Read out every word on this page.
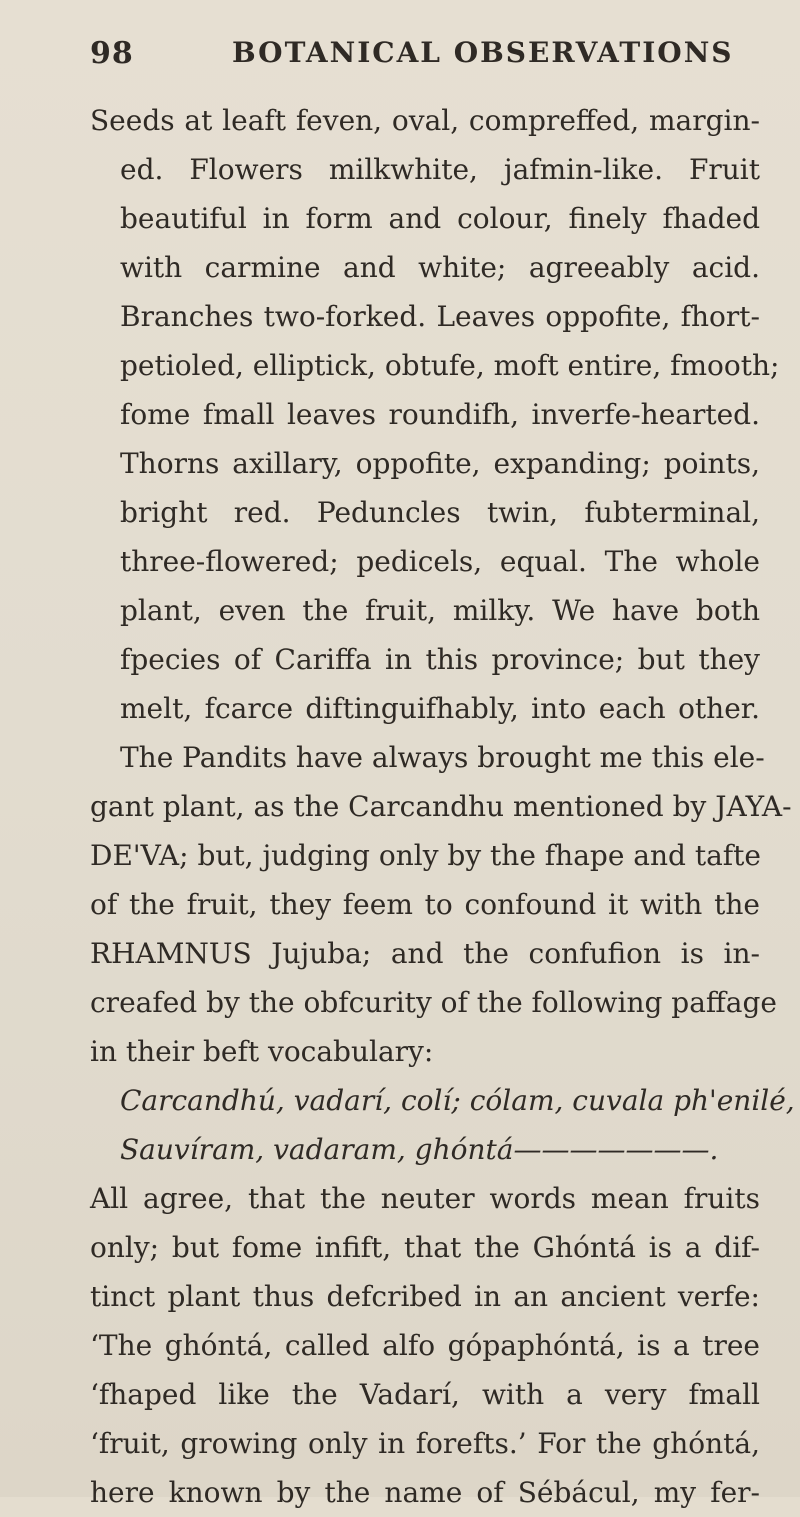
98	BOTANICAL OBSERVATIONS
Seeds at leaft feven, oval, compreffed, margin-
ed. Flowers milkwhite, jafmin-like. Fruit
beautiful in form and colour, finely fhaded
with carmine and white; agreeably acid.
Branches two-forked. Leaves oppofite, fhort-
petioled, elliptick, obtufe, moft entire, fmooth;
fome fmall leaves roundifh, inverfe-hearted.
Thorns axillary, oppofite, expanding; points,
bright red. Peduncles twin, fubterminal,
three-flowered; pedicels, equal. The whole
plant, even the fruit, milky. We have both
fpecies of Cariffa in this province; but they
melt, fcarce diftinguifhably, into each other.
The Pandits have always brought me this ele-
gant plant, as the Carcandhu mentioned by JAYA-
DE'VA; but, judging only by the fhape and tafte
of the fruit, they feem to confound it with the
RHAMNUS Jujuba; and the confufion is in-
creafed by the obfcurity of the following paffage
in their beft vocabulary:
Carcandhú, vadarí, colí; cólam, cuvala ph'enilé,
Sauvíram, vadaram, ghóntá———————.
All agree, that the neuter words mean fruits
only; but fome infift, that the Ghóntá is a dif-
tinct plant thus defcribed in an ancient verfe:
‘The ghóntá, called alfo gópaphóntá, is a tree
‘fhaped like the Vadarí, with a very fmall
‘fruit, growing only in forefts.’ For the ghóntá,
here known by the name of Sébácul, my fer-
